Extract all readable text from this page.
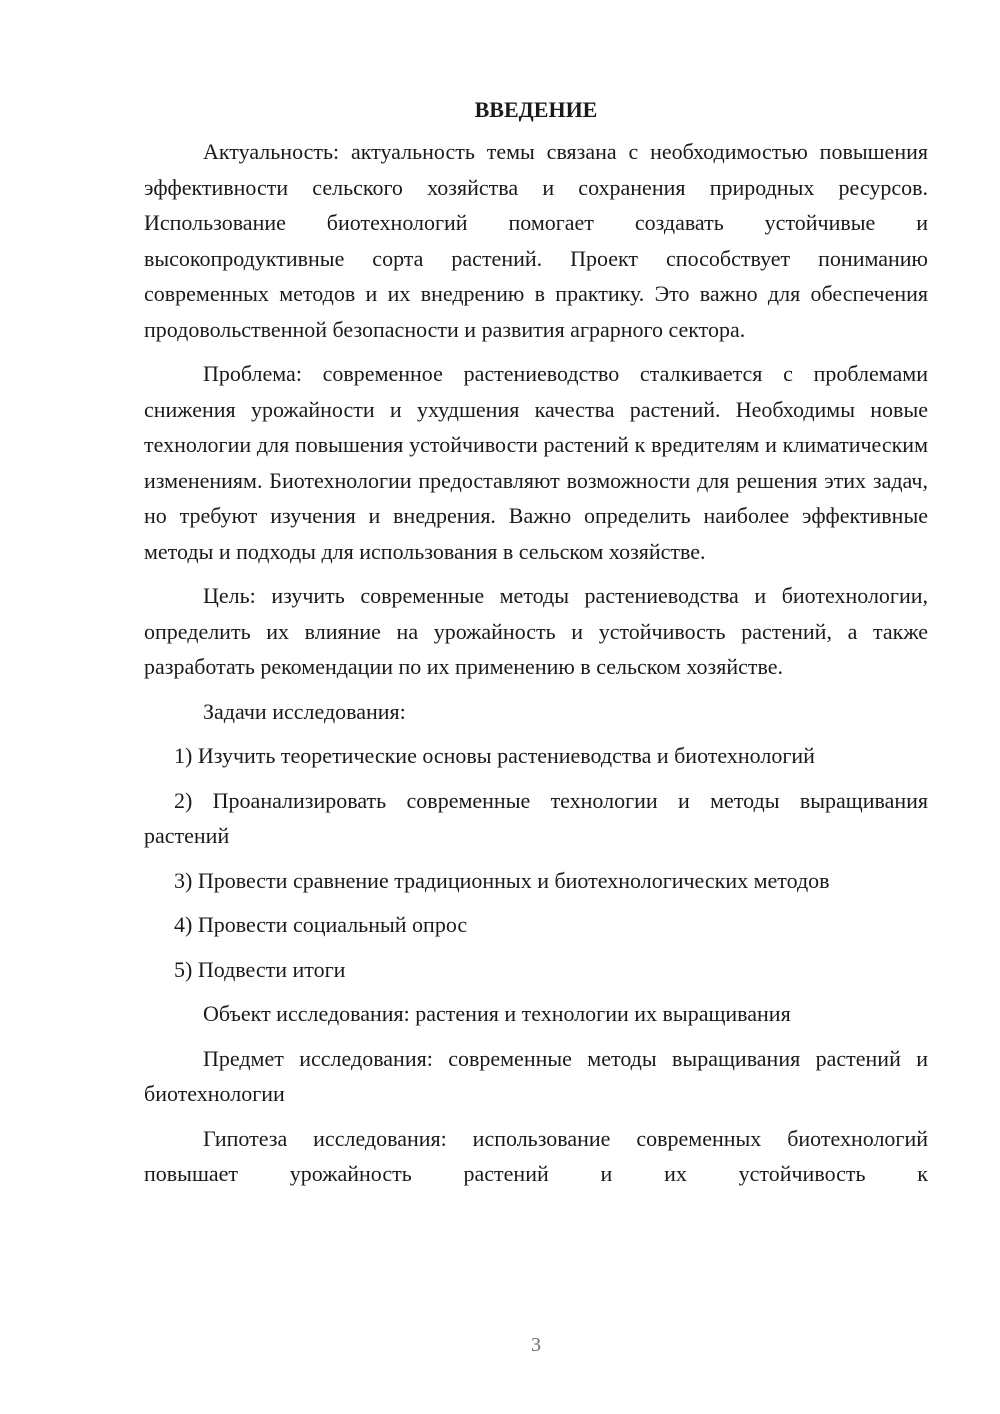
ВВЕДЕНИЕ

Актуальность: актуальность темы связана с необходимостью повышения эффективности сельского хозяйства и сохранения природных ресурсов. Использование биотехнологий помогает создавать устойчивые и высокопродуктивные сорта растений. Проект способствует пониманию современных методов и их внедрению в практику. Это важно для обеспечения продовольственной безопасности и развития аграрного сектора.

Проблема: современное растениеводство сталкивается с проблемами снижения урожайности и ухудшения качества растений. Необходимы новые технологии для повышения устойчивости растений к вредителям и климатическим изменениям. Биотехнологии предоставляют возможности для решения этих задач, но требуют изучения и внедрения. Важно определить наиболее эффективные методы и подходы для использования в сельском хозяйстве.

Цель: изучить современные методы растениеводства и биотехнологии, определить их влияние на урожайность и устойчивость растений, а также разработать рекомендации по их применению в сельском хозяйстве.

Задачи исследования:

1) Изучить теоретические основы растениеводства и биотехнологий

2) Проанализировать современные технологии и методы выращивания растений

3) Провести сравнение традиционных и биотехнологических методов

4) Провести социальный опрос

5) Подвести итоги

Объект исследования: растения и технологии их выращивания

Предмет исследования: современные методы выращивания растений и биотехнологии

Гипотеза исследования: использование современных биотехнологий повышает урожайность растений и их устойчивость к

3
